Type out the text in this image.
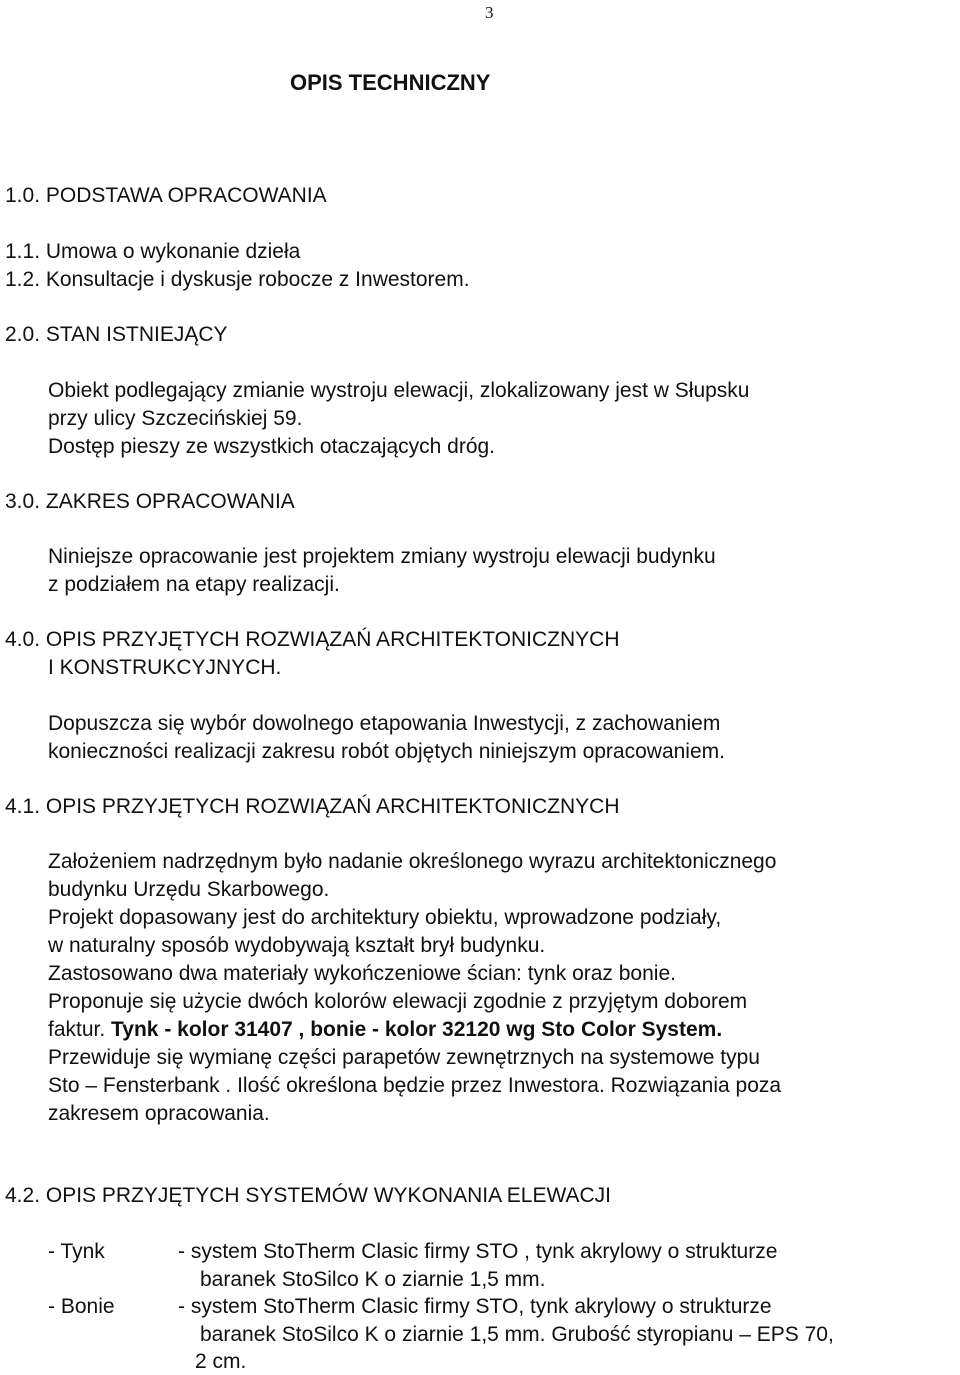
3
OPIS TECHNICZNY
1.0. PODSTAWA OPRACOWANIA
1.1. Umowa o wykonanie dzieła
1.2. Konsultacje i dyskusje robocze z Inwestorem.
2.0. STAN ISTNIEJĄCY
Obiekt podlegający zmianie wystroju elewacji, zlokalizowany jest w Słupsku
przy ulicy Szczecińskiej 59.
Dostęp pieszy ze wszystkich otaczających dróg.
3.0. ZAKRES OPRACOWANIA
Niniejsze opracowanie jest projektem zmiany wystroju elewacji budynku
z podziałem na etapy realizacji.
4.0. OPIS PRZYJĘTYCH ROZWIĄZAŃ ARCHITEKTONICZNYCH
I KONSTRUKCYJNYCH.
Dopuszcza się wybór dowolnego etapowania Inwestycji, z zachowaniem
konieczności realizacji zakresu robót objętych niniejszym opracowaniem.
4.1. OPIS PRZYJĘTYCH ROZWIĄZAŃ ARCHITEKTONICZNYCH
Założeniem nadrzędnym było nadanie określonego wyrazu architektonicznego
budynku Urzędu Skarbowego.
Projekt dopasowany jest do architektury obiektu, wprowadzone podziały,
w naturalny sposób wydobywają kształt brył budynku.
Zastosowano dwa materiały wykończeniowe ścian: tynk oraz bonie.
Proponuje się użycie dwóch kolorów elewacji zgodnie z przyjętym doborem
faktur. Tynk - kolor 31407 , bonie - kolor 32120 wg Sto Color System.
Przewiduje się wymianę części parapetów zewnętrznych na systemowe typu
Sto – Fensterbank . Ilość określona będzie przez Inwestora. Rozwiązania poza
zakresem opracowania.
4.2. OPIS PRZYJĘTYCH SYSTEMÓW WYKONANIA ELEWACJI
- Tynk	- system StoTherm Clasic firmy STO , tynk akrylowy o strukturze
baranek StoSilco K o ziarnie 1,5 mm.
- Bonie	- system StoTherm Clasic firmy STO, tynk akrylowy o strukturze
baranek StoSilco K o ziarnie 1,5 mm. Grubość styropianu – EPS 70,
2 cm.
